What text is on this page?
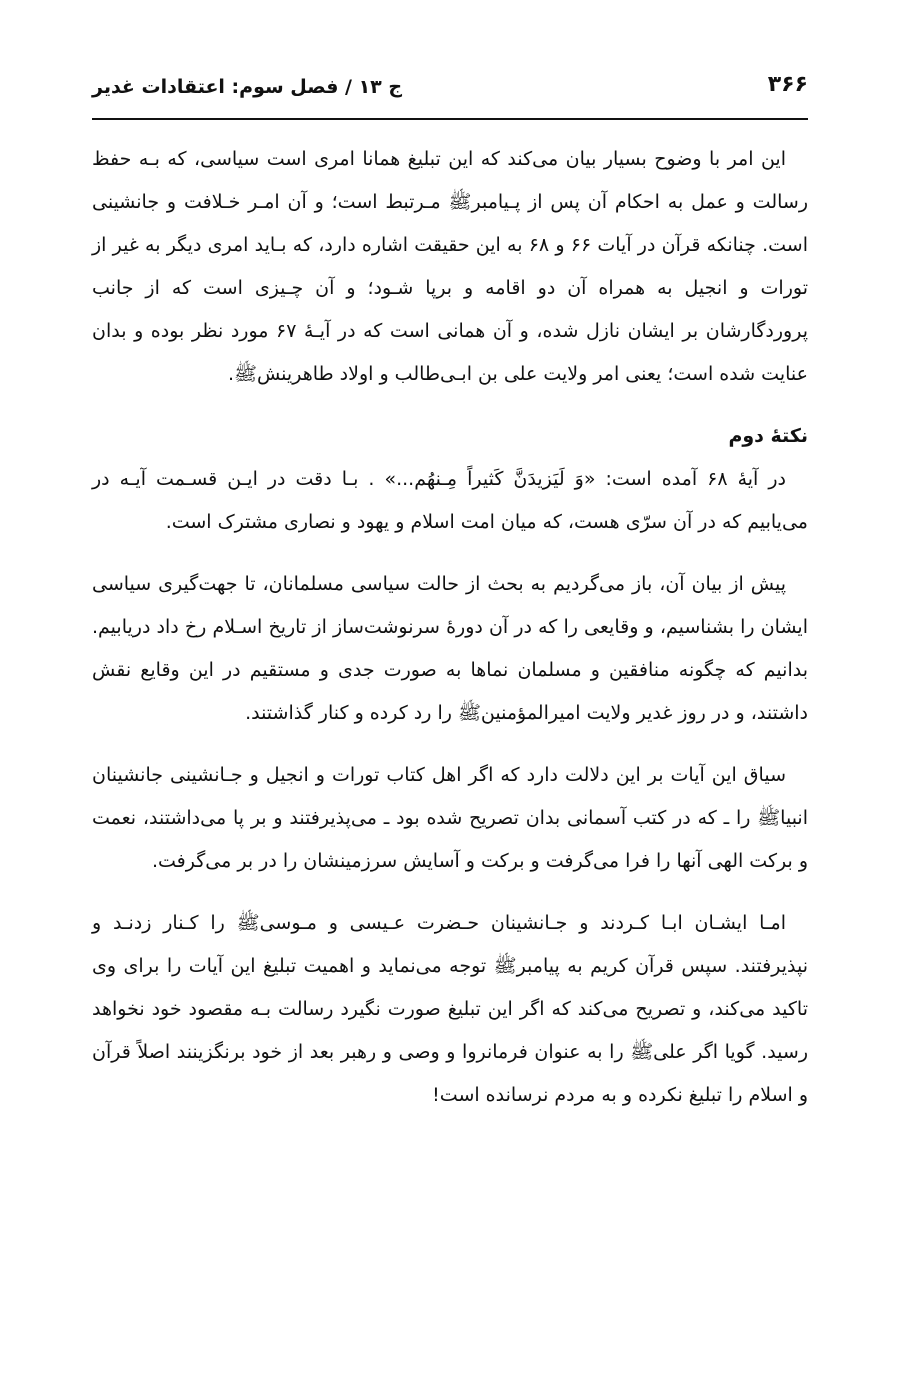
۳۶۶
ج ۱۳ / فصل سوم: اعتقادات غدیر

این امر با وضوح بسیار بیان می‌کند که این تبلیغ همانا امری است سیاسی، که بـه حفظ رسالت و عمل به احکام آن پس از پـیامبرﷺ مـرتبط است؛ و آن امـر خـلافت و جانشینی است. چنانکه قرآن در آیات ۶۶ و ۶۸ به این حقیقت اشاره دارد، که بـاید امری دیگر به غیر از تورات و انجیل به همراه آن دو اقامه و برپا شـود؛ و آن چـیزی است که از جانب پروردگارشان بر ایشان نازل شده، و آن همانی است که در آیـهٔ ۶۷ مورد نظر بوده و بدان عنایت شده است؛ یعنی امر ولایت علی بن ابـی‌طالب و اولاد طاهرینشﷺ.

نکتهٔ دوم

در آیهٔ ۶۸ آمده است: «وَ لَیَزیدَنَّ کَثیراً مِـنهُم...» . بـا دقت در ایـن قسـمت آیـه در می‌یابیم که در آن سرّی هست، که میان امت اسلام و یهود و نصاری مشترک است.

پیش از بیان آن، باز می‌گردیم به بحث از حالت سیاسی مسلمانان، تا جهت‌گیری سیاسی ایشان را بشناسیم، و وقایعی را که در آن دورهٔ سرنوشت‌ساز از تاریخ اسـلام رخ داد دریابیم. بدانیم که چگونه منافقین و مسلمان نماها به صورت جدی و مستقیم در این وقایع نقش داشتند، و در روز غدیر ولایت امیرالمؤمنینﷺ را رد کرده و کنار گذاشتند.

سیاق این آیات بر این دلالت دارد که اگر اهل کتاب تورات و انجیل و جـانشینی جانشینان انبیاﷺ را ـ که در کتب آسمانی بدان تصریح شده بود ـ می‌پذیرفتند و بر پا می‌داشتند، نعمت و برکت الهی آنها را فرا می‌گرفت و برکت و آسایش سرزمینشان را در بر می‌گرفت.

امـا ایشـان ابـا کـردند و جـانشینان حـضرت عـیسی و مـوسیﷺ را کـنار زدنـد و نپذیرفتند. سپس قرآن کریم به پیامبرﷺ توجه می‌نماید و اهمیت تبلیغ این آیات را برای وی تاکید می‌کند، و تصریح می‌کند که اگر این تبلیغ صورت نگیرد رسالت بـه مقصود خود نخواهد رسید. گویا اگر علیﷺ را به عنوان فرمانروا و وصی و رهبر بعد از خود برنگزینند اصلاً قرآن و اسلام را تبلیغ نکرده و به مردم نرسانده است!
